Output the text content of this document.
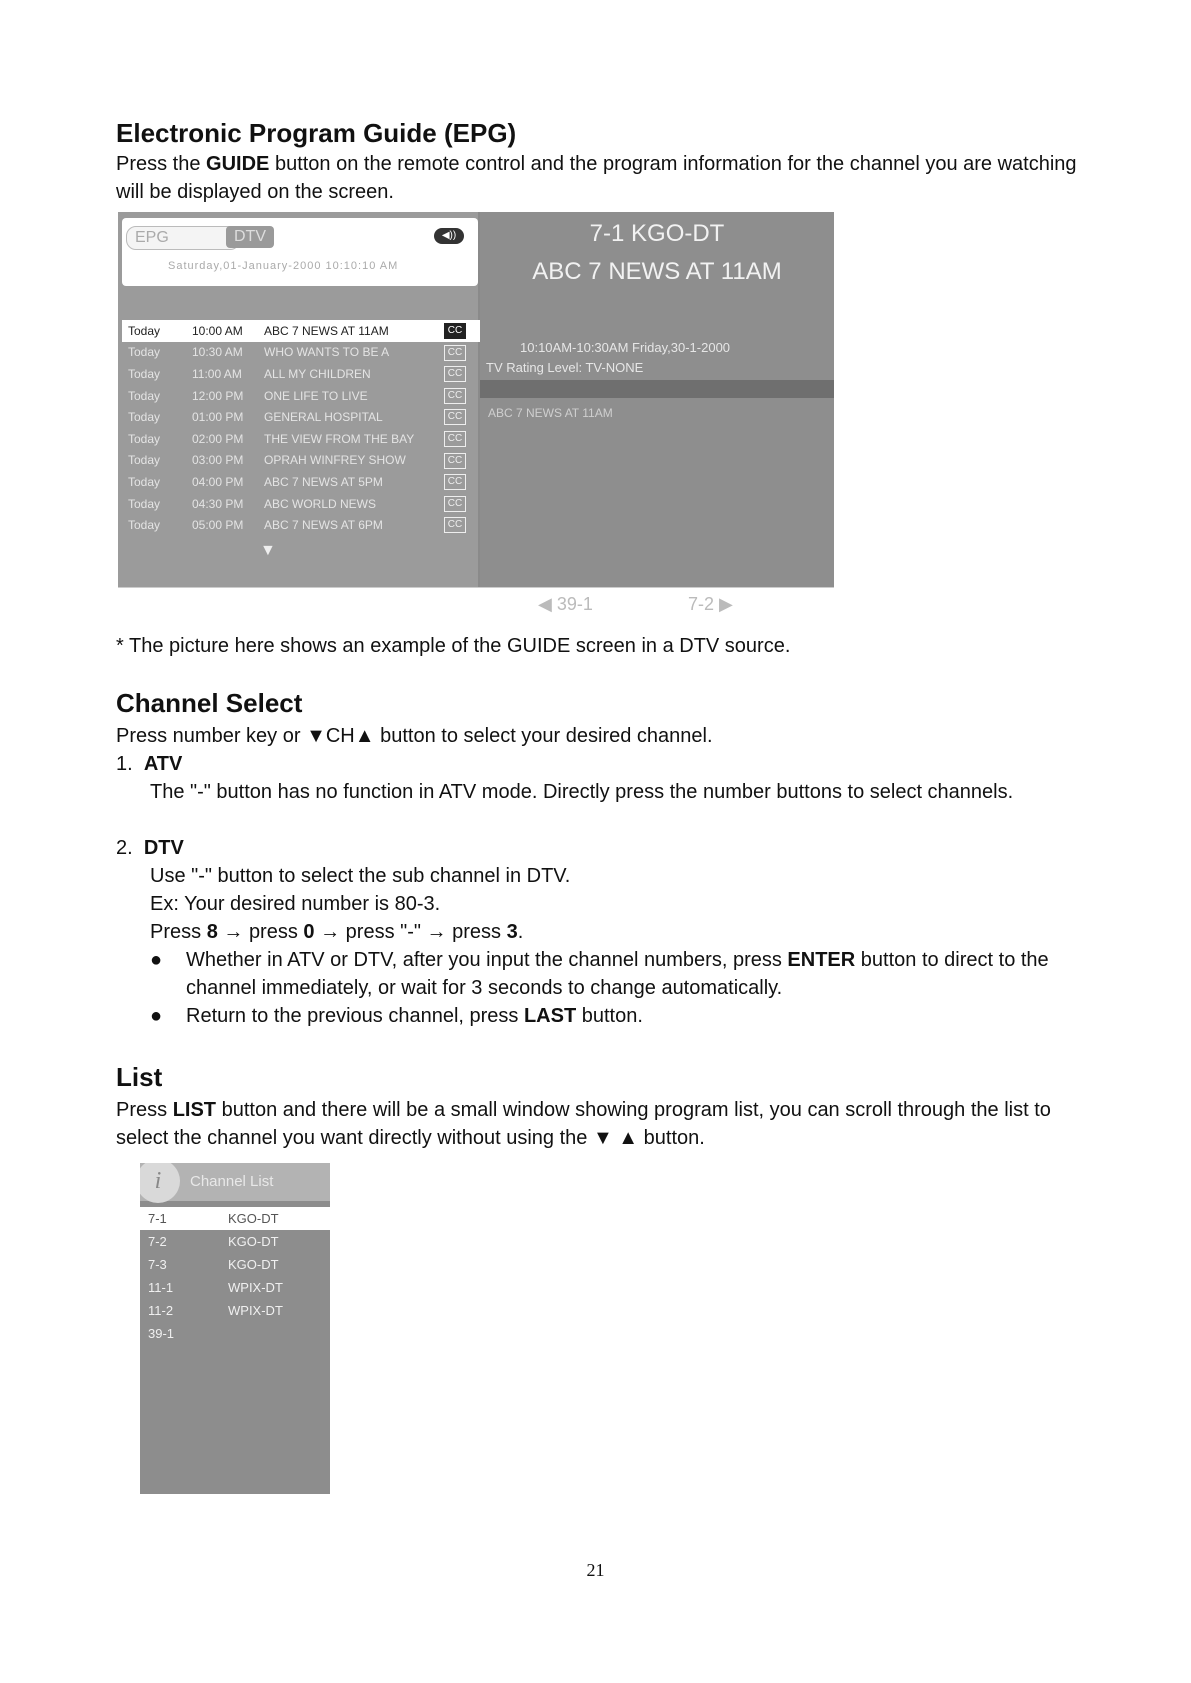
Electronic Program Guide (EPG)

Press the GUIDE button on the remote control and the program information for the channel you are watching will be displayed on the screen.

EPG	DTV	◀))
Saturday,01-January-2000 10:10:10 AM
Today	10:00 AM	ABC 7 NEWS AT 11AM	CC
Today	10:30 AM	WHO WANTS TO BE A	CC
Today	11:00 AM	ALL MY CHILDREN	CC
Today	12:00 PM	ONE LIFE TO LIVE	CC
Today	01:00 PM	GENERAL HOSPITAL	CC
Today	02:00 PM	THE VIEW FROM THE BAY	CC
Today	03:00 PM	OPRAH WINFREY SHOW	CC
Today	04:00 PM	ABC 7 NEWS AT 5PM	CC
Today	04:30 PM	ABC WORLD NEWS	CC
Today	05:00 PM	ABC 7 NEWS AT 6PM	CC
▼
7-1 KGO-DT
ABC 7 NEWS AT 11AM
10:10AM-10:30AM Friday,30-1-2000
TV Rating Level: TV-NONE
ABC 7 NEWS AT 11AM
◀ 39-1	7-2 ▶

* The picture here shows an example of the GUIDE screen in a DTV source.

Channel Select

Press number key or ▼CH▲ button to select your desired channel.

1. ATV

The "-" button has no function in ATV mode. Directly press the number buttons to select channels.

2. DTV

Use "-" button to select the sub channel in DTV.

Ex: Your desired number is 80-3.

Press 8 → press 0 → press "-" → press 3.

●	Whether in ATV or DTV, after you input the channel numbers, press ENTER button to direct to the channel immediately, or wait for 3 seconds to change automatically.

●	Return to the previous channel, press LAST button.

List

Press LIST button and there will be a small window showing program list, you can scroll through the list to select the channel you want directly without using the ▼ ▲ button.

i	Channel List
7-1	KGO-DT
7-2	KGO-DT
7-3	KGO-DT
11-1	WPIX-DT
11-2	WPIX-DT
39-1
21
